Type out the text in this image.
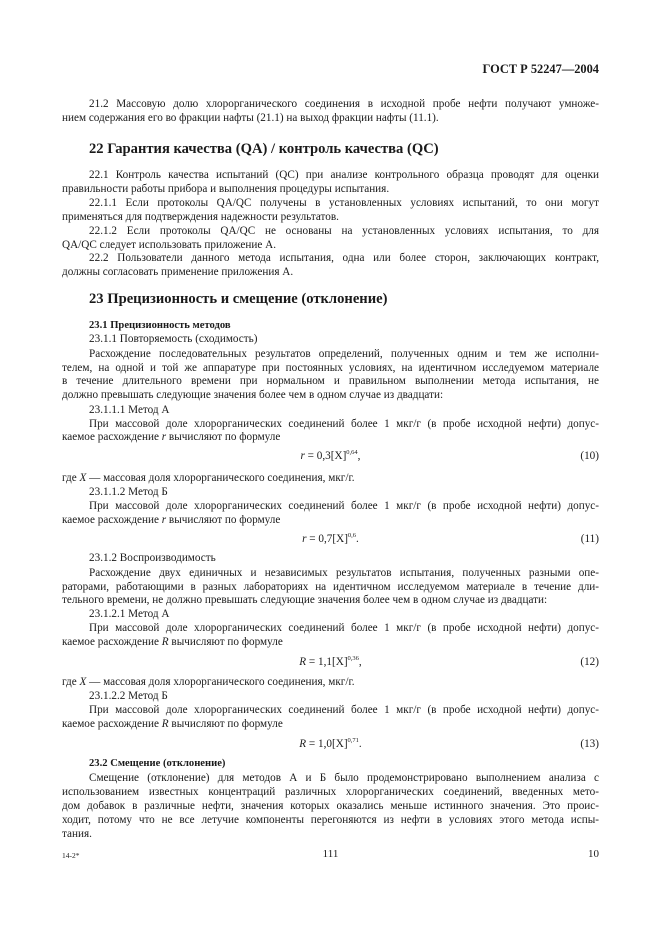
ГОСТ Р 52247—2004
21.2 Массовую долю хлорорганического соединения в исходной пробе нефти получают умноже-
нием содержания его во фракции нафты (21.1) на выход фракции нафты (11.1).
22 Гарантия качества (QA) / контроль качества (QC)
22.1 Контроль качества испытаний (QC) при анализе контрольного образца проводят для оценки
правильности работы прибора и выполнения процедуры испытания.
22.1.1 Если протоколы QA/QC получены в установленных условиях испытаний, то они могут
применяться для подтверждения надежности результатов.
22.1.2 Если протоколы QA/QC не основаны на установленных условиях испытания, то для
QA/QC следует использовать приложение А.
22.2 Пользователи данного метода испытания, одна или более сторон, заключающих контракт,
должны согласовать применение приложения А.
23 Прецизионность и смещение (отклонение)
23.1 Прецизионность методов
23.1.1 Повторяемость (сходимость)
Расхождение последовательных результатов определений, полученных одним и тем же исполни-
телем, на одной и той же аппаратуре при постоянных условиях, на идентичном исследуемом материале
в течение длительного времени при нормальном и правильном выполнении метода испытания, не
должно превышать следующие значения более чем в одном случае из двадцати:
23.1.1.1 Метод А
При массовой доле хлорорганических соединений более 1 мкг/г (в пробе исходной нефти) допус-
каемое расхождение r вычисляют по формуле
$r = 0,3[X]^{0,64}$,	(10)
где X — массовая доля хлорорганического соединения, мкг/г.
23.1.1.2 Метод Б
При массовой доле хлорорганических соединений более 1 мкг/г (в пробе исходной нефти) допус-
каемое расхождение r вычисляют по формуле
$r = 0,7[X]^{0,6}$.	(11)
23.1.2 Воспроизводимость
Расхождение двух единичных и независимых результатов испытания, полученных разными опе-
раторами, работающими в разных лабораториях на идентичном исследуемом материале в течение дли-
тельного времени, не должно превышать следующие значения более чем в одном случае из двадцати:
23.1.2.1 Метод А
При массовой доле хлорорганических соединений более 1 мкг/г (в пробе исходной нефти) допус-
каемое расхождение R вычисляют по формуле
$R = 1,1[X]^{0,36}$,	(12)
где X — массовая доля хлорорганического соединения, мкг/г.
23.1.2.2 Метод Б
При массовой доле хлорорганических соединений более 1 мкг/г (в пробе исходной нефти) допус-
каемое расхождение R вычисляют по формуле
$R = 1,0[X]^{0,71}$.	(13)
23.2 Смещение (отклонение)
Смещение (отклонение) для методов А и Б было продемонстрировано выполнением анализа с
использованием известных концентраций различных хлорорганических соединений, введенных мето-
дом добавок в различные нефти, значения которых оказались меньше истинного значения. Это проис-
ходит, потому что не все летучие компоненты перегоняются из нефти в условиях этого метода испы-
тания.
14-2*	111	10
